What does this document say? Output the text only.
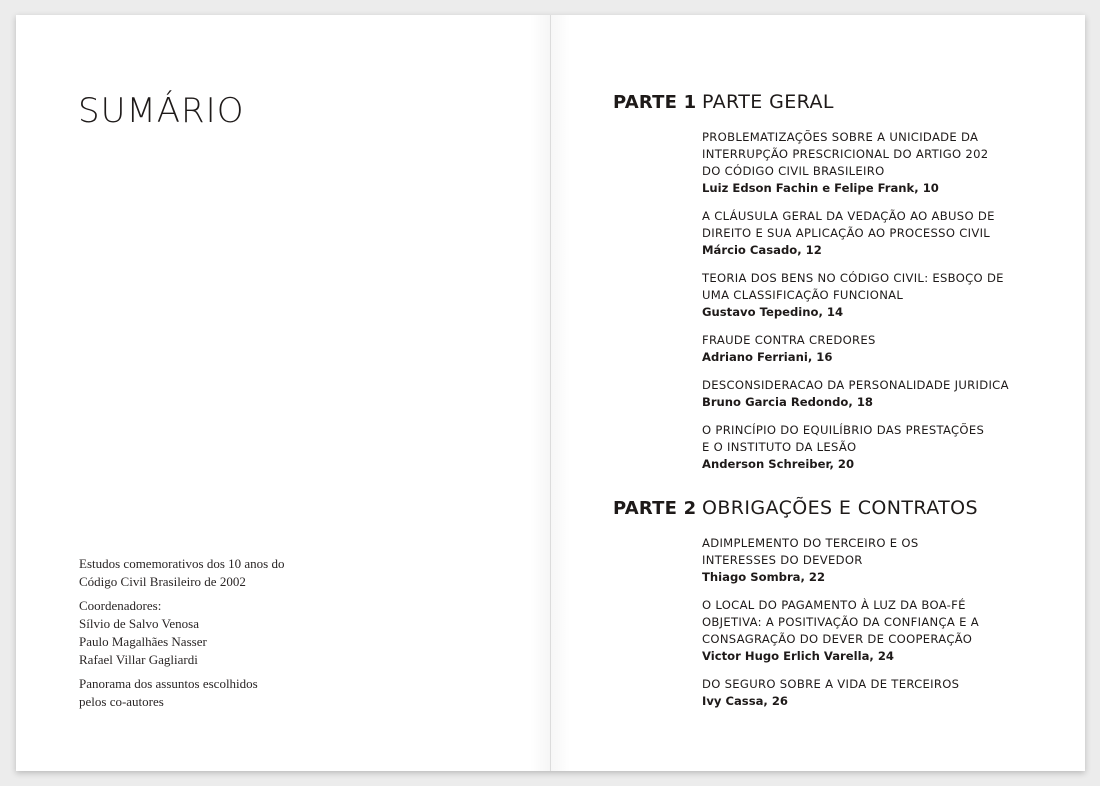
SUMÁRIO
Estudos comemorativos dos 10 anos do
Código Civil Brasileiro de 2002
Coordenadores:
Sílvio de Salvo Venosa
Paulo Magalhães Nasser
Rafael Villar Gagliardi
Panorama dos assuntos escolhidos
pelos co-autores
PARTE 1 PARTE GERAL
PROBLEMATIZAÇÕES SOBRE A UNICIDADE DA
INTERRUPÇÃO PRESCRICIONAL DO ARTIGO 202
DO CÓDIGO CIVIL BRASILEIRO
Luiz Edson Fachin e Felipe Frank, 10
A CLÁUSULA GERAL DA VEDAÇÃO AO ABUSO DE
DIREITO E SUA APLICAÇÃO AO PROCESSO CIVIL
Márcio Casado, 12
TEORIA DOS BENS NO CÓDIGO CIVIL: ESBOÇO DE
UMA CLASSIFICAÇÃO FUNCIONAL
Gustavo Tepedino, 14
FRAUDE CONTRA CREDORES
Adriano Ferriani, 16
DESCONSIDERACAO DA PERSONALIDADE JURIDICA
Bruno Garcia Redondo, 18
O PRINCÍPIO DO EQUILÍBRIO DAS PRESTAÇÕES
E O INSTITUTO DA LESÃO
Anderson Schreiber, 20
PARTE 2 OBRIGAÇÕES E CONTRATOS
ADIMPLEMENTO DO TERCEIRO E OS
INTERESSES DO DEVEDOR
Thiago Sombra, 22
O LOCAL DO PAGAMENTO À LUZ DA BOA-FÉ
OBJETIVA: A POSITIVAÇÃO DA CONFIANÇA E A
CONSAGRAÇÃO DO DEVER DE COOPERAÇÃO
Victor Hugo Erlich Varella, 24
DO SEGURO SOBRE A VIDA DE TERCEIROS
Ivy Cassa, 26
